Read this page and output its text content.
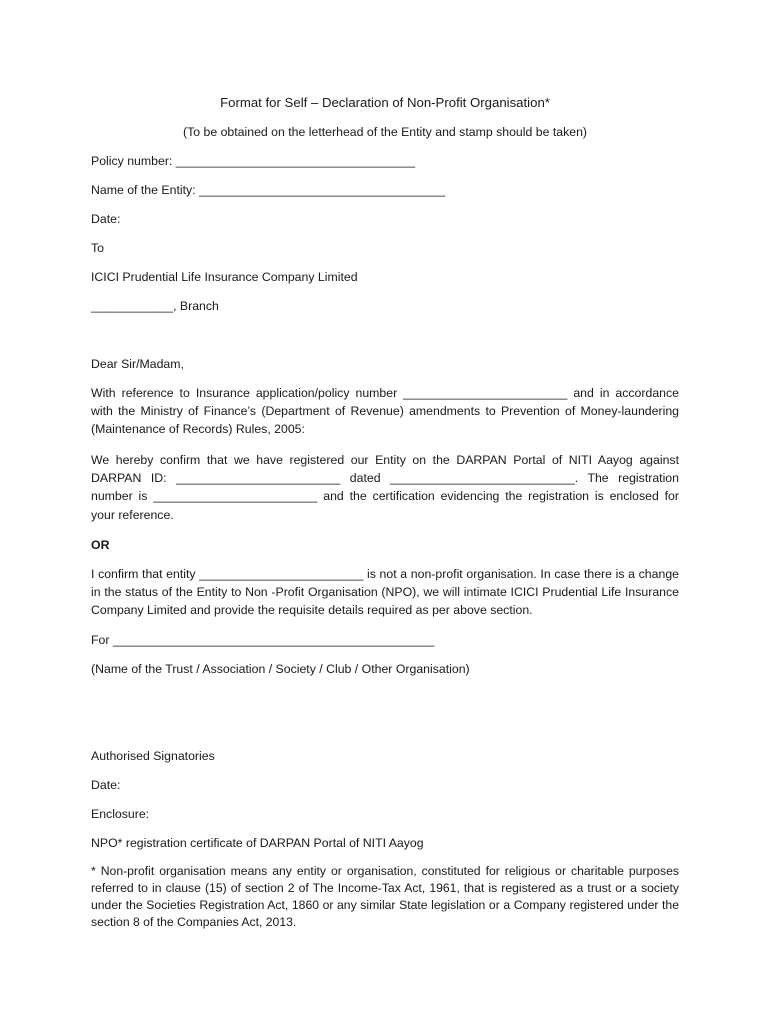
Format for Self – Declaration of Non-Profit Organisation*
(To be obtained on the letterhead of the Entity and stamp should be taken)
Policy number: ___________________________________
Name of the Entity: ____________________________________
Date:
To
ICICI Prudential Life Insurance Company Limited
____________, Branch
Dear Sir/Madam,
With reference to Insurance application/policy number ________________________ and in accordance with the Ministry of Finance’s (Department of Revenue) amendments to Prevention of Money-laundering (Maintenance of Records) Rules, 2005:
We hereby confirm that we have registered our Entity on the DARPAN Portal of NITI Aayog against DARPAN ID: ________________________ dated ___________________________. The registration number is ________________________ and the certification evidencing the registration is enclosed for your reference.
OR
I confirm that entity ________________________ is not a non-profit organisation. In case there is a change in the status of the Entity to Non -Profit Organisation (NPO), we will intimate ICICI Prudential Life Insurance Company Limited and provide the requisite details required as per above section.
For _______________________________________________
(Name of the Trust / Association / Society / Club / Other Organisation)
Authorised Signatories
Date:
Enclosure:
NPO* registration certificate of DARPAN Portal of NITI Aayog
* Non-profit organisation means any entity or organisation, constituted for religious or charitable purposes referred to in clause (15) of section 2 of The Income-Tax Act, 1961, that is registered as a trust or a society under the Societies Registration Act, 1860 or any similar State legislation or a Company registered under the section 8 of the Companies Act, 2013.
